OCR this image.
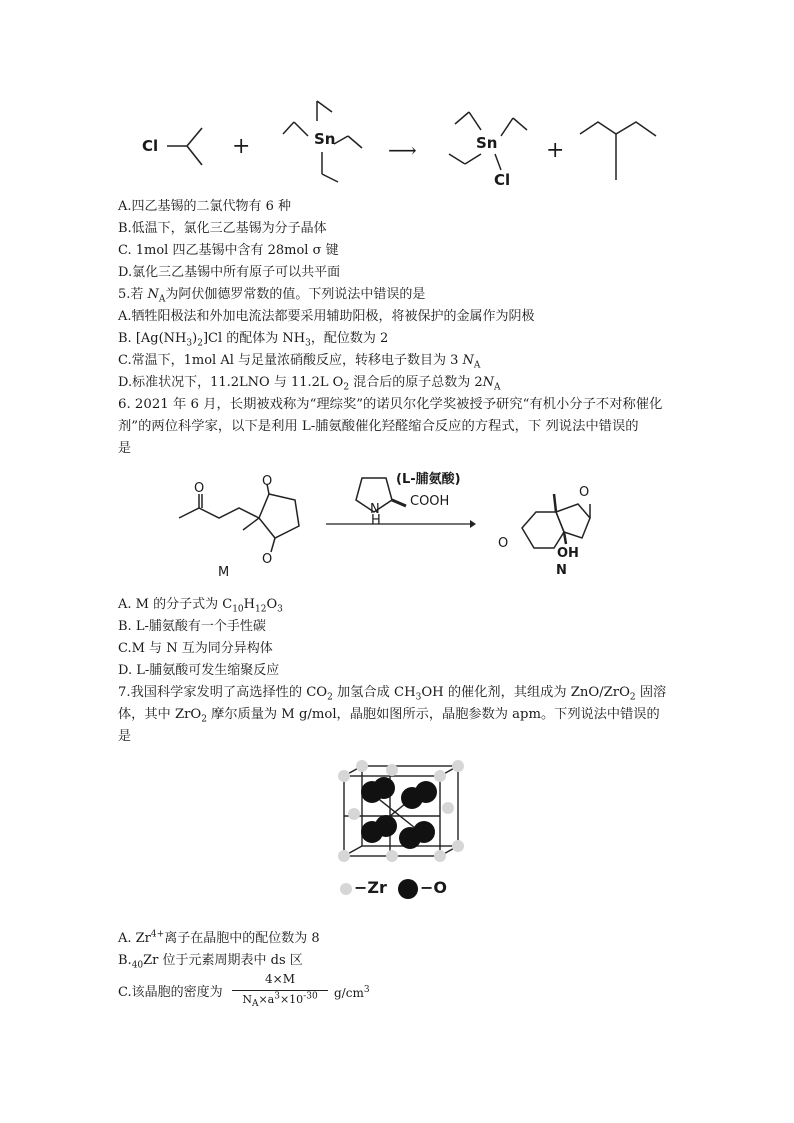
Cl	+	Sn	⟶	Sn
Cl
+
A.四乙基锡的二氯代物有 6 种
B.低温下，氯化三乙基锡为分子晶体
C. 1mol 四乙基锡中含有 28mol σ 键
D.氯化三乙基锡中所有原子可以共平面
5.若 $N_A$为阿伏伽德罗常数的值。下列说法中错误的是
A.牺牲阳极法和外加电流法都要采用辅助阳极，将被保护的金属作为阴极
B. $[Ag(NH_3)_2]Cl$ 的配体为 $NH_3$，配位数为 2
C.常温下，1mol Al 与足量浓硝酸反应，转移电子数目为 3 $N_A$
D.标准状况下，11.2LNO 与 11.2L $O_2$ 混合后的原子总数为 $2N_A$
6. 2021 年 6 月，长期被戏称为“理综奖”的诺贝尔化学奖被授予研究“有机小分子不对称催化
剂”的两位科学家，以下是利用 L-脯氨酸催化羟醛缩合反应的方程式，下 列说法中错误的
是
O	O
O
M
(L-脯氨酸)
COOH
N
H
O
O
OH
N
A. M 的分子式为 $C_{10}H_{12}O_3$
B. L-脯氨酸有一个手性碳
C.M 与 N 互为同分异构体
D. L-脯氨酸可发生缩聚反应
7.我国科学家发明了高选择性的 $CO_2$ 加氢合成 $CH_3OH$ 的催化剂，其组成为 ZnO/ZrO$_2$ 固溶
体，其中 ZrO$_2$ 摩尔质量为 M g/mol，晶胞如图所示，晶胞参数为 apm。下列说法中错误的
是
−Zr −O
A. $Zr^{4+}$离子在晶胞中的配位数为 8
$B._{40}Zr$ 位于元素周期表中 ds 区
C.该晶胞的密度为
4×M
$N_A\times a^3\times 10^{-30}$	$g/cm^3$
